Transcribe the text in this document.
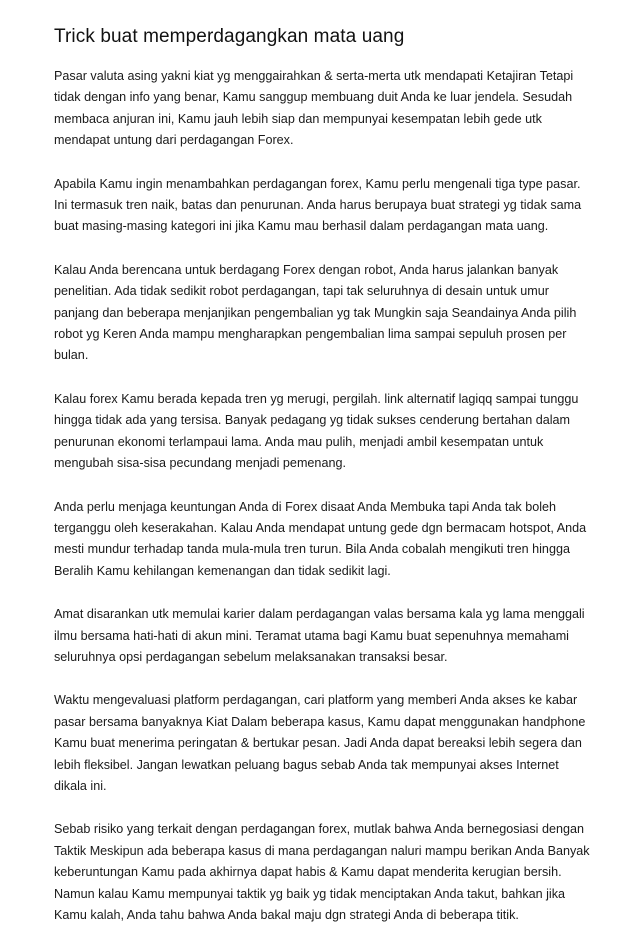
Trick buat memperdagangkan mata uang

Pasar valuta asing yakni kiat yg menggairahkan & serta-merta utk mendapati Ketajiran Tetapi tidak dengan info yang benar, Kamu sanggup membuang duit Anda ke luar jendela. Sesudah membaca anjuran ini, Kamu jauh lebih siap dan mempunyai kesempatan lebih gede utk mendapat untung dari perdagangan Forex.

Apabila Kamu ingin menambahkan perdagangan forex, Kamu perlu mengenali tiga type pasar. Ini termasuk tren naik, batas dan penurunan. Anda harus berupaya buat strategi yg tidak sama buat masing-masing kategori ini jika Kamu mau berhasil dalam perdagangan mata uang.

Kalau Anda berencana untuk berdagang Forex dengan robot, Anda harus jalankan banyak penelitian. Ada tidak sedikit robot perdagangan, tapi tak seluruhnya di desain untuk umur panjang dan beberapa menjanjikan pengembalian yg tak Mungkin saja Seandainya Anda pilih robot yg Keren Anda mampu mengharapkan pengembalian lima sampai sepuluh prosen per bulan.

Kalau forex Kamu berada kepada tren yg merugi, pergilah. link alternatif lagiqq sampai tunggu hingga tidak ada yang tersisa. Banyak pedagang yg tidak sukses cenderung bertahan dalam penurunan ekonomi terlampaui lama. Anda mau pulih, menjadi ambil kesempatan untuk mengubah sisa-sisa pecundang menjadi pemenang.

Anda perlu menjaga keuntungan Anda di Forex disaat Anda Membuka tapi Anda tak boleh terganggu oleh keserakahan. Kalau Anda mendapat untung gede dgn bermacam hotspot, Anda mesti mundur terhadap tanda mula-mula tren turun. Bila Anda cobalah mengikuti tren hingga Beralih Kamu kehilangan kemenangan dan tidak sedikit lagi.

Amat disarankan utk memulai karier dalam perdagangan valas bersama kala yg lama menggali ilmu bersama hati-hati di akun mini. Teramat utama bagi Kamu buat sepenuhnya memahami seluruhnya opsi perdagangan sebelum melaksanakan transaksi besar.

Waktu mengevaluasi platform perdagangan, cari platform yang memberi Anda akses ke kabar pasar bersama banyaknya Kiat Dalam beberapa kasus, Kamu dapat menggunakan handphone Kamu buat menerima peringatan & bertukar pesan. Jadi Anda dapat bereaksi lebih segera dan lebih fleksibel. Jangan lewatkan peluang bagus sebab Anda tak mempunyai akses Internet dikala ini.

Sebab risiko yang terkait dengan perdagangan forex, mutlak bahwa Anda bernegosiasi dengan Taktik Meskipun ada beberapa kasus di mana perdagangan naluri mampu berikan Anda Banyak keberuntungan Kamu pada akhirnya dapat habis & Kamu dapat menderita kerugian bersih. Namun kalau Kamu mempunyai taktik yg baik yg tidak menciptakan Anda takut, bahkan jika Kamu kalah, Anda tahu bahwa Anda bakal maju dgn strategi Anda di beberapa titik.
